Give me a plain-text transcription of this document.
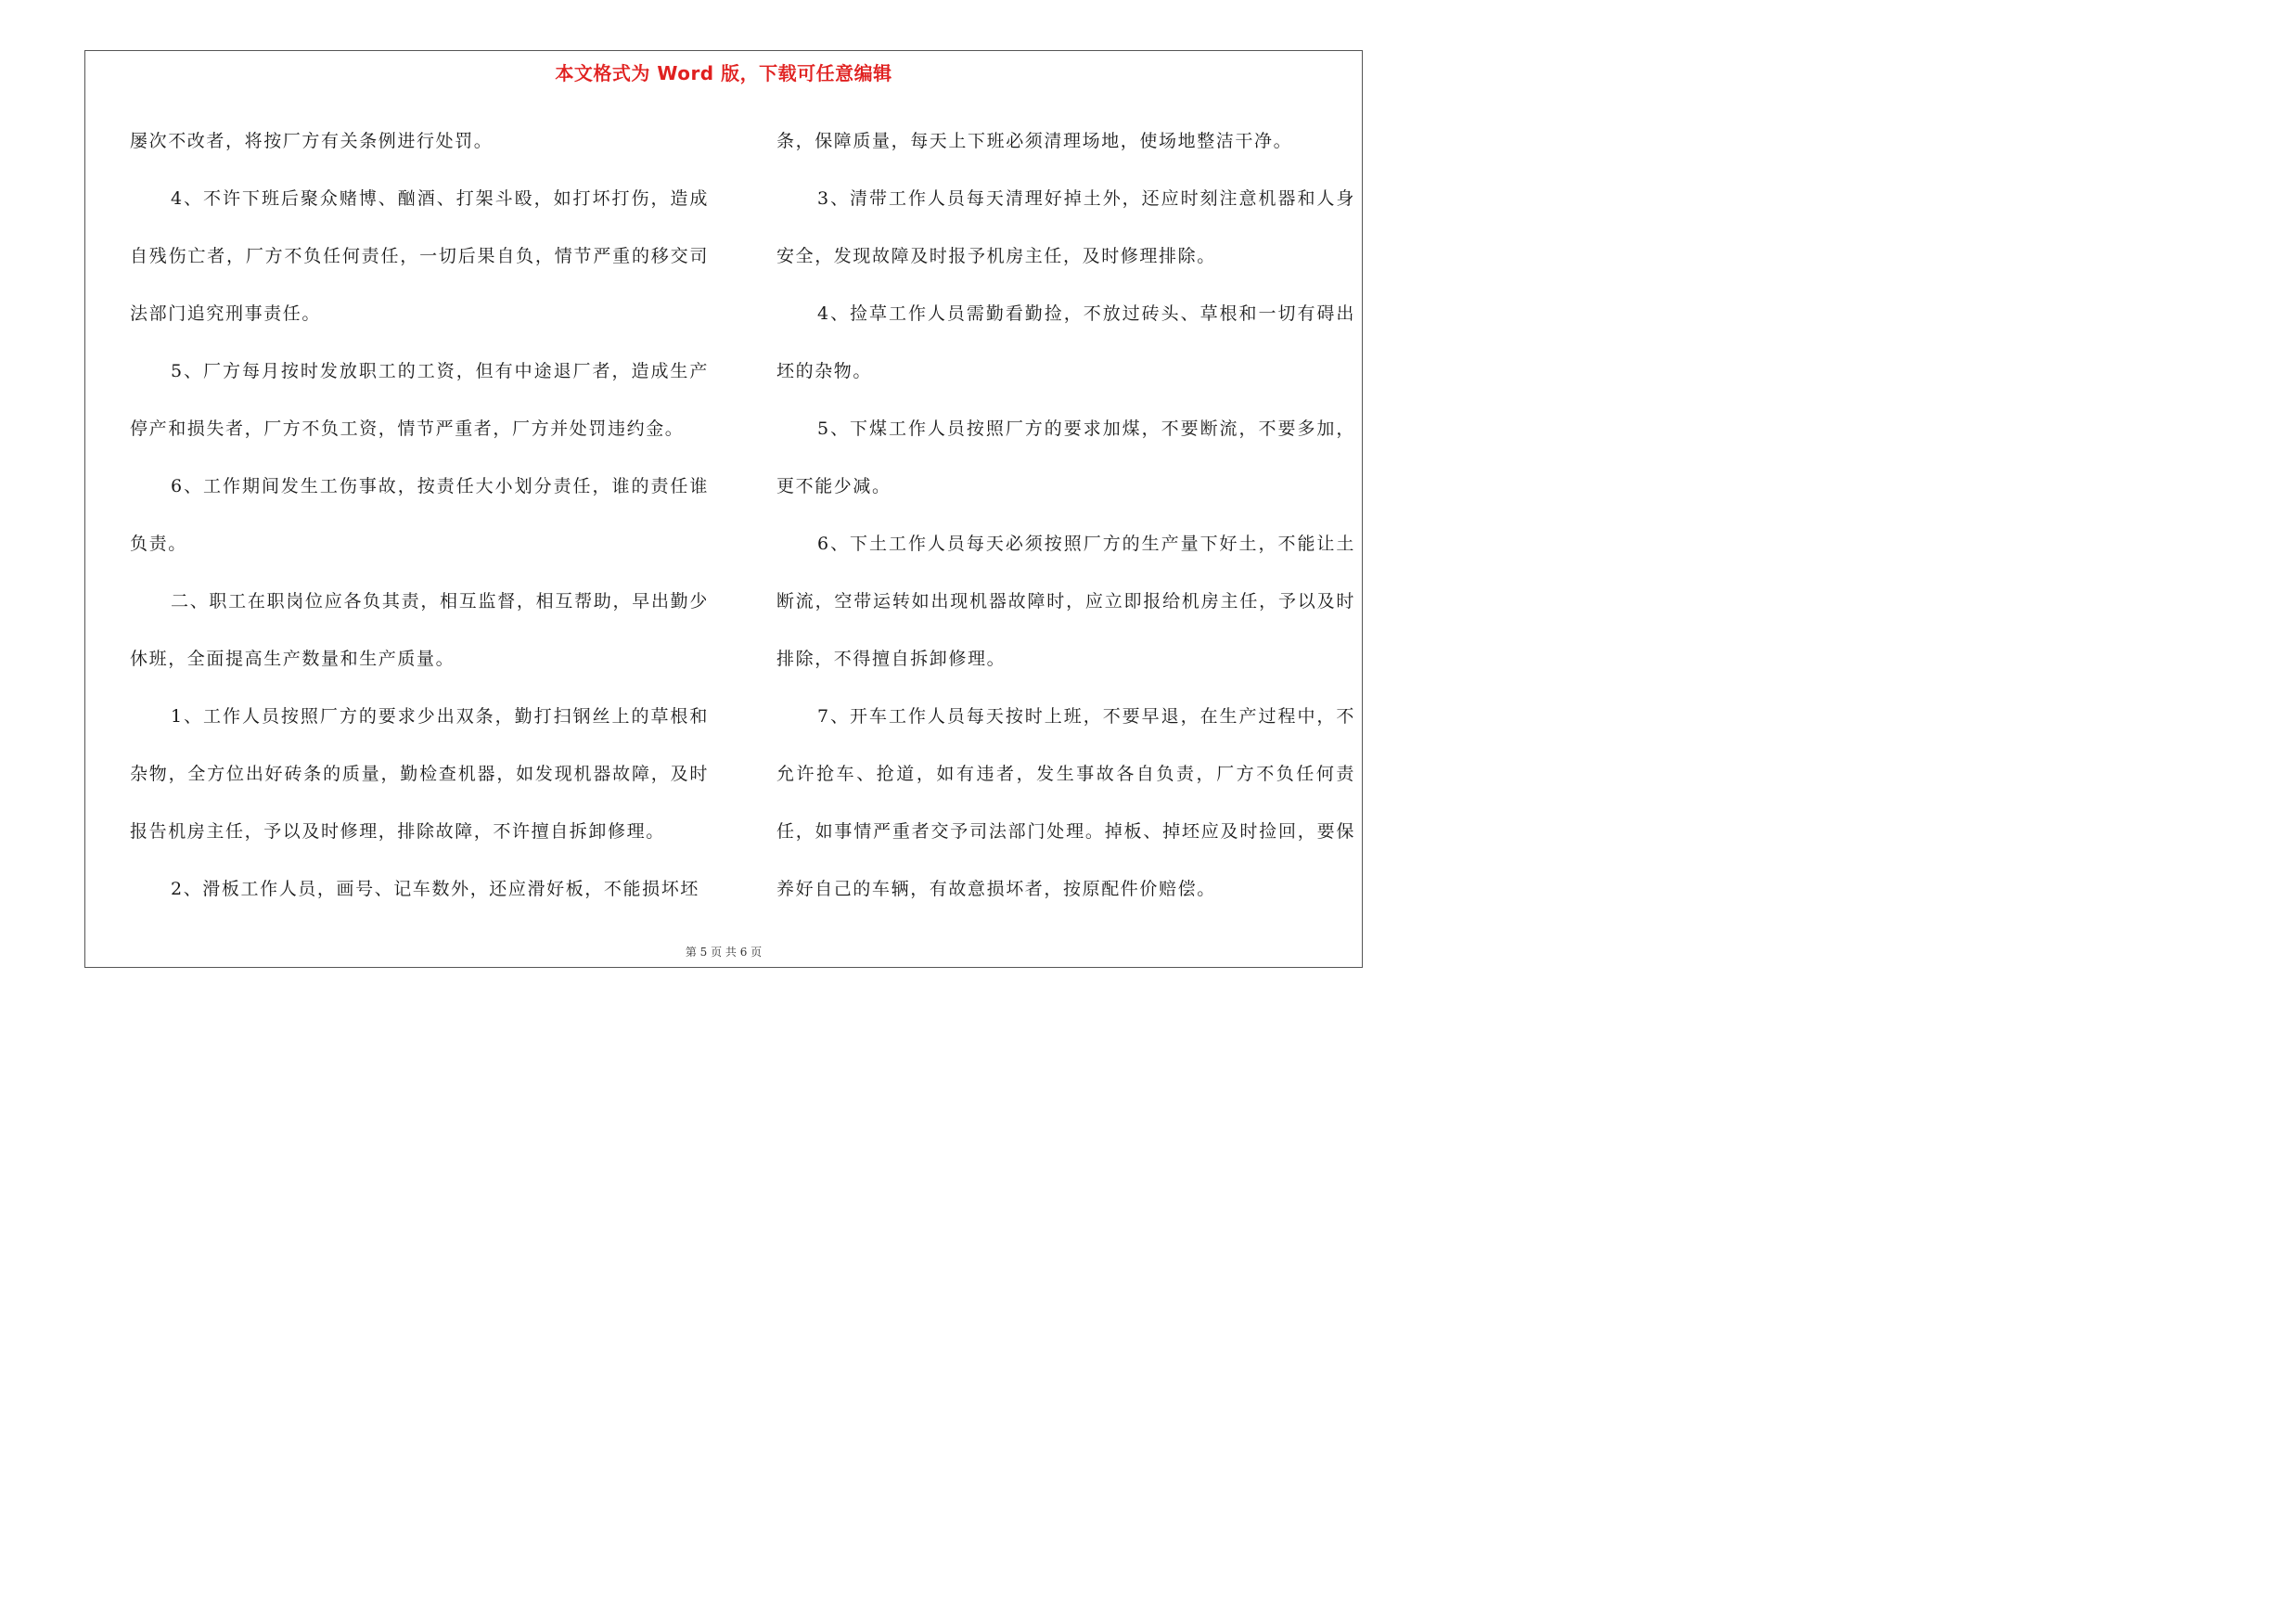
本文格式为 Word 版，下载可任意编辑

屡次不改者，将按厂方有关条例进行处罚。

4、不许下班后聚众赌博、酗酒、打架斗殴，如打坏打伤，造成自残伤亡者，厂方不负任何责任，一切后果自负，情节严重的移交司法部门追究刑事责任。

5、厂方每月按时发放职工的工资，但有中途退厂者，造成生产停产和损失者，厂方不负工资，情节严重者，厂方并处罚违约金。

6、工作期间发生工伤事故，按责任大小划分责任，谁的责任谁负责。

二、职工在职岗位应各负其责，相互监督，相互帮助，早出勤少休班，全面提高生产数量和生产质量。

1、工作人员按照厂方的要求少出双条，勤打扫钢丝上的草根和杂物，全方位出好砖条的质量，勤检查机器，如发现机器故障，及时报告机房主任，予以及时修理，排除故障，不许擅自拆卸修理。

2、滑板工作人员，画号、记车数外，还应滑好板，不能损坏坯

条，保障质量，每天上下班必须清理场地，使场地整洁干净。

3、清带工作人员每天清理好掉土外，还应时刻注意机器和人身安全，发现故障及时报予机房主任，及时修理排除。

4、捡草工作人员需勤看勤捡，不放过砖头、草根和一切有碍出坯的杂物。

5、下煤工作人员按照厂方的要求加煤，不要断流，不要多加，更不能少减。

6、下土工作人员每天必须按照厂方的生产量下好土，不能让土断流，空带运转如出现机器故障时，应立即报给机房主任，予以及时排除，不得擅自拆卸修理。

7、开车工作人员每天按时上班，不要早退，在生产过程中，不允许抢车、抢道，如有违者，发生事故各自负责，厂方不负任何责任，如事情严重者交予司法部门处理。掉板、掉坯应及时捡回，要保养好自己的车辆，有故意损坏者，按原配件价赔偿。

第 5 页 共 6 页
